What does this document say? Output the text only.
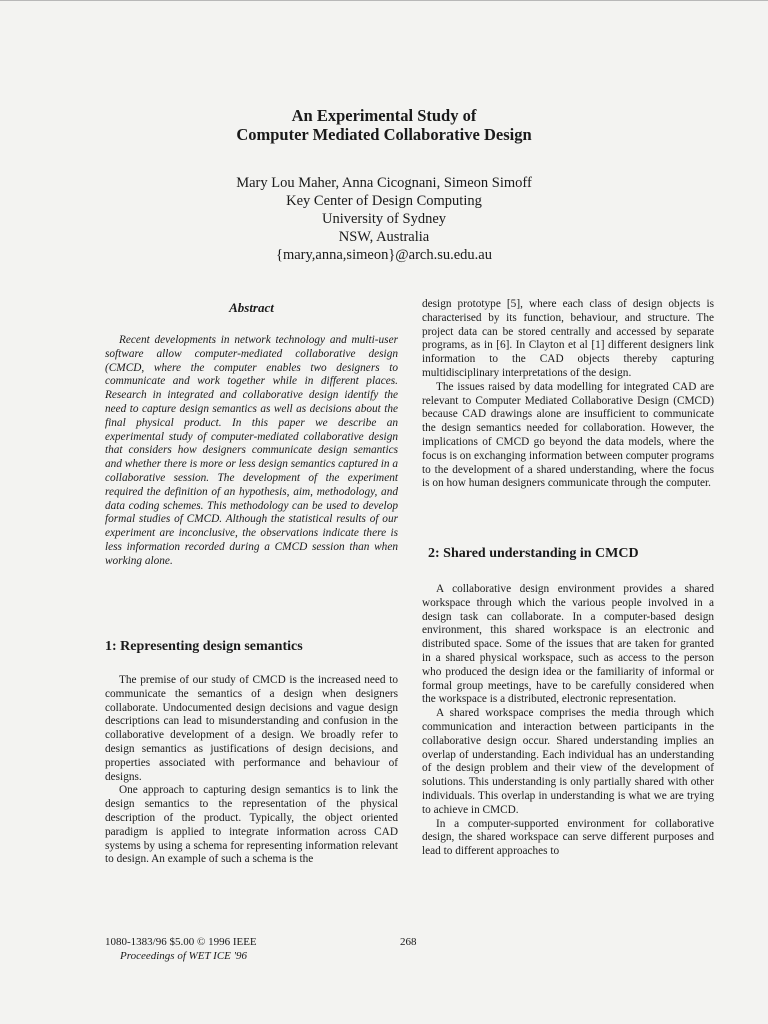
An Experimental Study of
Computer Mediated Collaborative Design
Mary Lou Maher, Anna Cicognani, Simeon Simoff
Key Center of Design Computing
University of Sydney
NSW, Australia
{mary,anna,simeon}@arch.su.edu.au
Abstract

Recent developments in network technology and multi-user software allow computer-mediated collaborative design (CMCD, where the computer enables two designers to communicate and work together while in different places. Research in integrated and collaborative design identify the need to capture design semantics as well as decisions about the final physical product. In this paper we describe an experimental study of computer-mediated collaborative design that considers how designers communicate design semantics and whether there is more or less design semantics captured in a collaborative session. The development of the experiment required the definition of an hypothesis, aim, methodology, and data coding schemes. This methodology can be used to develop formal studies of CMCD. Although the statistical results of our experiment are inconclusive, the observations indicate there is less information recorded during a CMCD session than when working alone.

1: Representing design semantics

The premise of our study of CMCD is the increased need to communicate the semantics of a design when designers collaborate. Undocumented design decisions and vague design descriptions can lead to misunderstanding and confusion in the collaborative development of a design. We broadly refer to design semantics as justifications of design decisions, and properties associated with performance and behaviour of designs.

One approach to capturing design semantics is to link the design semantics to the representation of the physical description of the product. Typically, the object oriented paradigm is applied to integrate information across CAD systems by using a schema for representing information relevant to design. An example of such a schema is the

design prototype [5], where each class of design objects is characterised by its function, behaviour, and structure. The project data can be stored centrally and accessed by separate programs, as in [6]. In Clayton et al [1] different designers link information to the CAD objects thereby capturing multidisciplinary interpretations of the design.

The issues raised by data modelling for integrated CAD are relevant to Computer Mediated Collaborative Design (CMCD) because CAD drawings alone are insufficient to communicate the design semantics needed for collaboration. However, the implications of CMCD go beyond the data models, where the focus is on exchanging information between computer programs to the development of a shared understanding, where the focus is on how human designers communicate through the computer.

2: Shared understanding in CMCD

A collaborative design environment provides a shared workspace through which the various people involved in a design task can collaborate. In a computer-based design environment, this shared workspace is an electronic and distributed space. Some of the issues that are taken for granted in a shared physical workspace, such as access to the person who produced the design idea or the familiarity of informal or formal group meetings, have to be carefully considered when the workspace is a distributed, electronic representation.

A shared workspace comprises the media through which communication and interaction between participants in the collaborative design occur. Shared understanding implies an overlap of understanding. Each individual has an understanding of the design problem and their view of the development of solutions. This understanding is only partially shared with other individuals. This overlap in understanding is what we are trying to achieve in CMCD.

In a computer-supported environment for collaborative design, the shared workspace can serve different purposes and lead to different approaches to

1080-1383/96 $5.00 © 1996 IEEE
Proceedings of WET ICE '96
268
